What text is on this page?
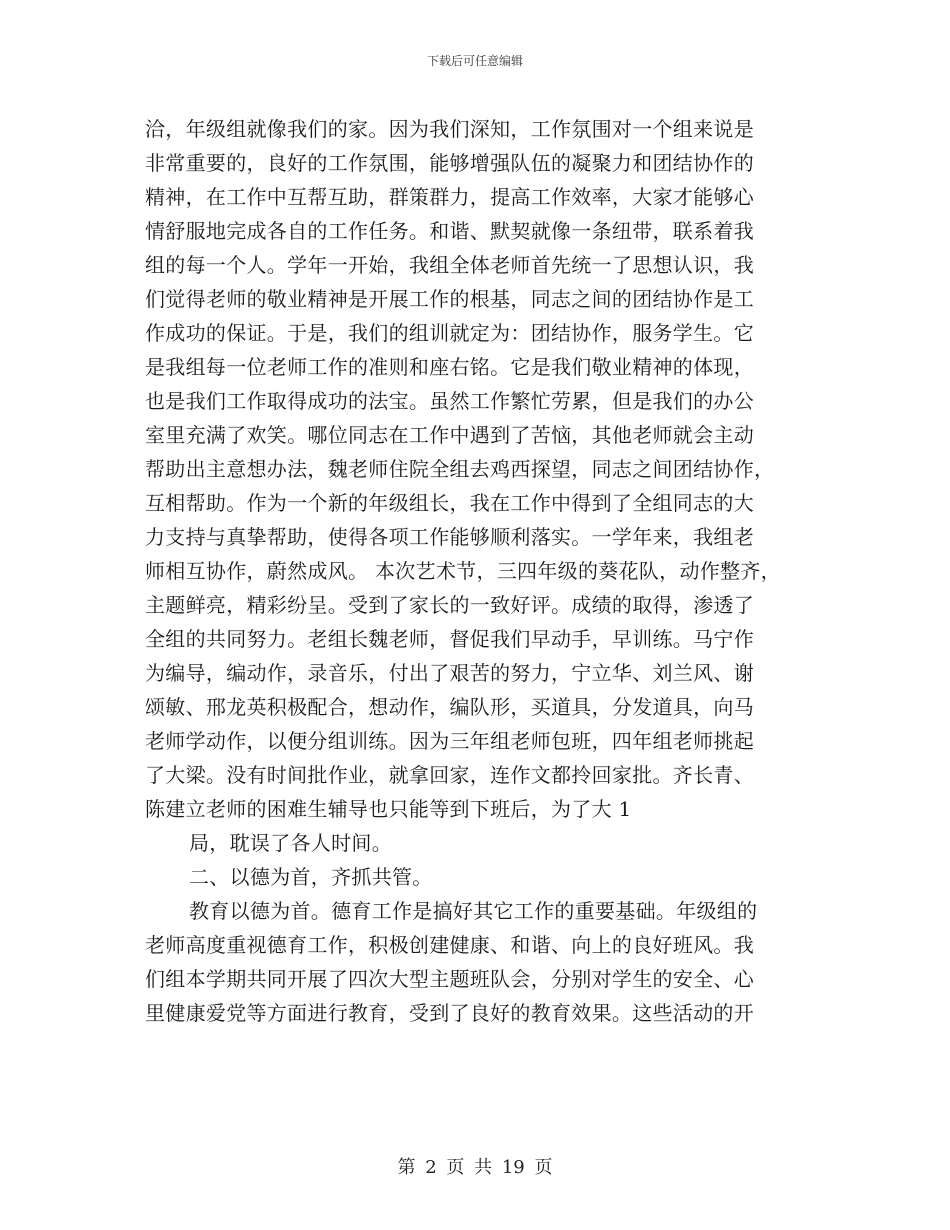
下载后可任意编辑
洽，年级组就像我们的家。因为我们深知，工作氛围对一个组来说是
非常重要的，良好的工作氛围，能够增强队伍的凝聚力和团结协作的
精神，在工作中互帮互助，群策群力，提高工作效率，大家才能够心
情舒服地完成各自的工作任务。和谐、默契就像一条纽带，联系着我
组的每一个人。学年一开始，我组全体老师首先统一了思想认识，我
们觉得老师的敬业精神是开展工作的根基，同志之间的团结协作是工
作成功的保证。于是，我们的组训就定为：团结协作，服务学生。它
是我组每一位老师工作的准则和座右铭。它是我们敬业精神的体现，
也是我们工作取得成功的法宝。虽然工作繁忙劳累，但是我们的办公
室里充满了欢笑。哪位同志在工作中遇到了苦恼，其他老师就会主动
帮助出主意想办法，魏老师住院全组去鸡西探望，同志之间团结协作，
互相帮助。作为一个新的年级组长，我在工作中得到了全组同志的大
力支持与真挚帮助，使得各项工作能够顺利落实。一学年来，我组老
师相互协作，蔚然成风。 本次艺术节，三四年级的葵花队，动作整齐，
主题鲜亮，精彩纷呈。受到了家长的一致好评。成绩的取得，渗透了
全组的共同努力。老组长魏老师，督促我们早动手，早训练。马宁作
为编导，编动作，录音乐，付出了艰苦的努力，宁立华、刘兰风、谢
颂敏、邢龙英积极配合，想动作，编队形，买道具，分发道具，向马
老师学动作，以便分组训练。因为三年组老师包班，四年组老师挑起
了大梁。没有时间批作业，就拿回家，连作文都拎回家批。齐长青、
陈建立老师的困难生辅导也只能等到下班后，为了大 1
局，耽误了各人时间。
二、以德为首，齐抓共管。
教育以德为首。德育工作是搞好其它工作的重要基础。年级组的
老师高度重视德育工作，积极创建健康、和谐、向上的良好班风。我
们组本学期共同开展了四次大型主题班队会，分别对学生的安全、心
里健康爱党等方面进行教育，受到了良好的教育效果。这些活动的开
第 2 页 共 19 页
